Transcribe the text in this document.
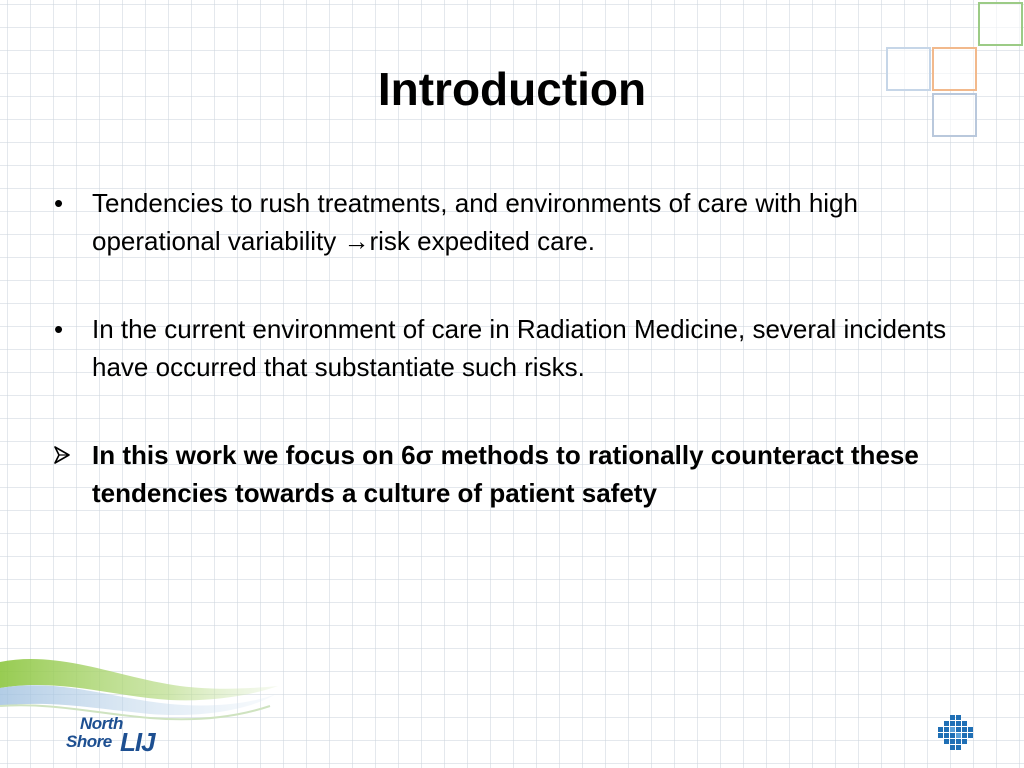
Introduction
•	Tendencies to rush treatments, and environments of care with high operational variability →risk expedited care.
•	In the current environment of care in Radiation Medicine, several incidents have occurred that substantiate such risks.
In this work we focus on 6σ methods to rationally counteract these tendencies towards a culture of patient safety
North
Shore LIJ
